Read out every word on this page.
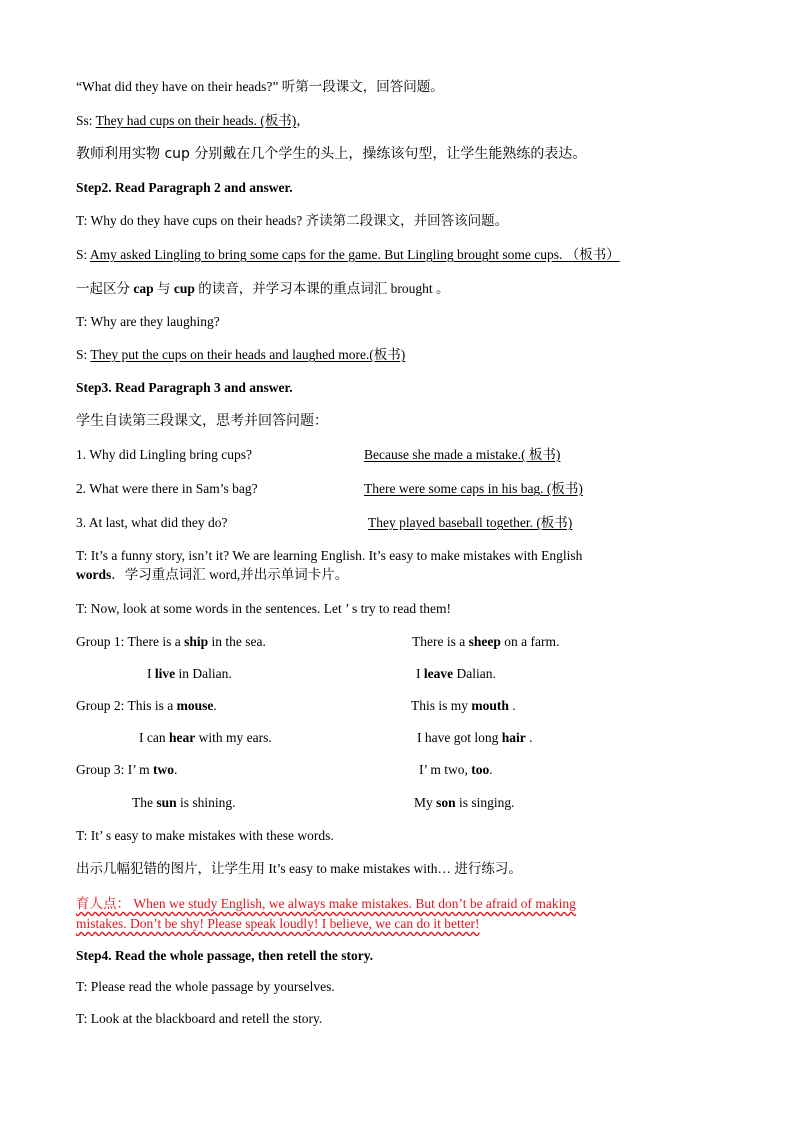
“What did they have on their heads?” 听第一段课文，回答问题。
Ss: They had cups on their heads. (板书)，
教师利用实物 cup 分别戴在几个学生的头上，操练该句型，让学生能熟练的表达。
Step2. Read Paragraph 2 and answer.
T: Why do they have cups on their heads? 齐读第二段课文，并回答该问题。
S: Amy asked Lingling to bring some caps for the game. But Lingling brought some cups. （板书）
一起区分 cap 与 cup 的读音，并学习本课的重点词汇 brought 。
T: Why are they laughing?
S: They put the cups on their heads and laughed more.(板书)
Step3. Read Paragraph 3 and answer.
学生自读第三段课文，思考并回答问题：
1. Why did Lingling bring cups?	Because she made a mistake.( 板书)
2. What were there in Sam’s bag?	There were some caps in his bag. (板书)
3. At last, what did they do?	They played baseball together. (板书)
T: It’s a funny story, isn’t it? We are learning English. It’s easy to make mistakes with English
words．学习重点词汇 word,并出示单词卡片。
T: Now, look at some words in the sentences. Let ’ s try to read them!
Group 1: There is a ship in the sea.	There is a sheep on a farm.
I live in Dalian.	I leave Dalian.
Group 2: This is a mouse.	This is my mouth .
I can hear with my ears.	I have got long hair .
Group 3: I’ m two.	I’ m two, too.
The sun is shining.	My son is singing.
T: It’ s easy to make mistakes with these words.
出示几幅犯错的图片，让学生用 It’s easy to make mistakes with… 进行练习。
育人点： When we study English, we always make mistakes. But don’t be afraid of making
mistakes. Don’t be shy! Please speak loudly! I believe, we can do it better!
Step4. Read the whole passage, then retell the story.
T: Please read the whole passage by yourselves.
T: Look at the blackboard and retell the story.
